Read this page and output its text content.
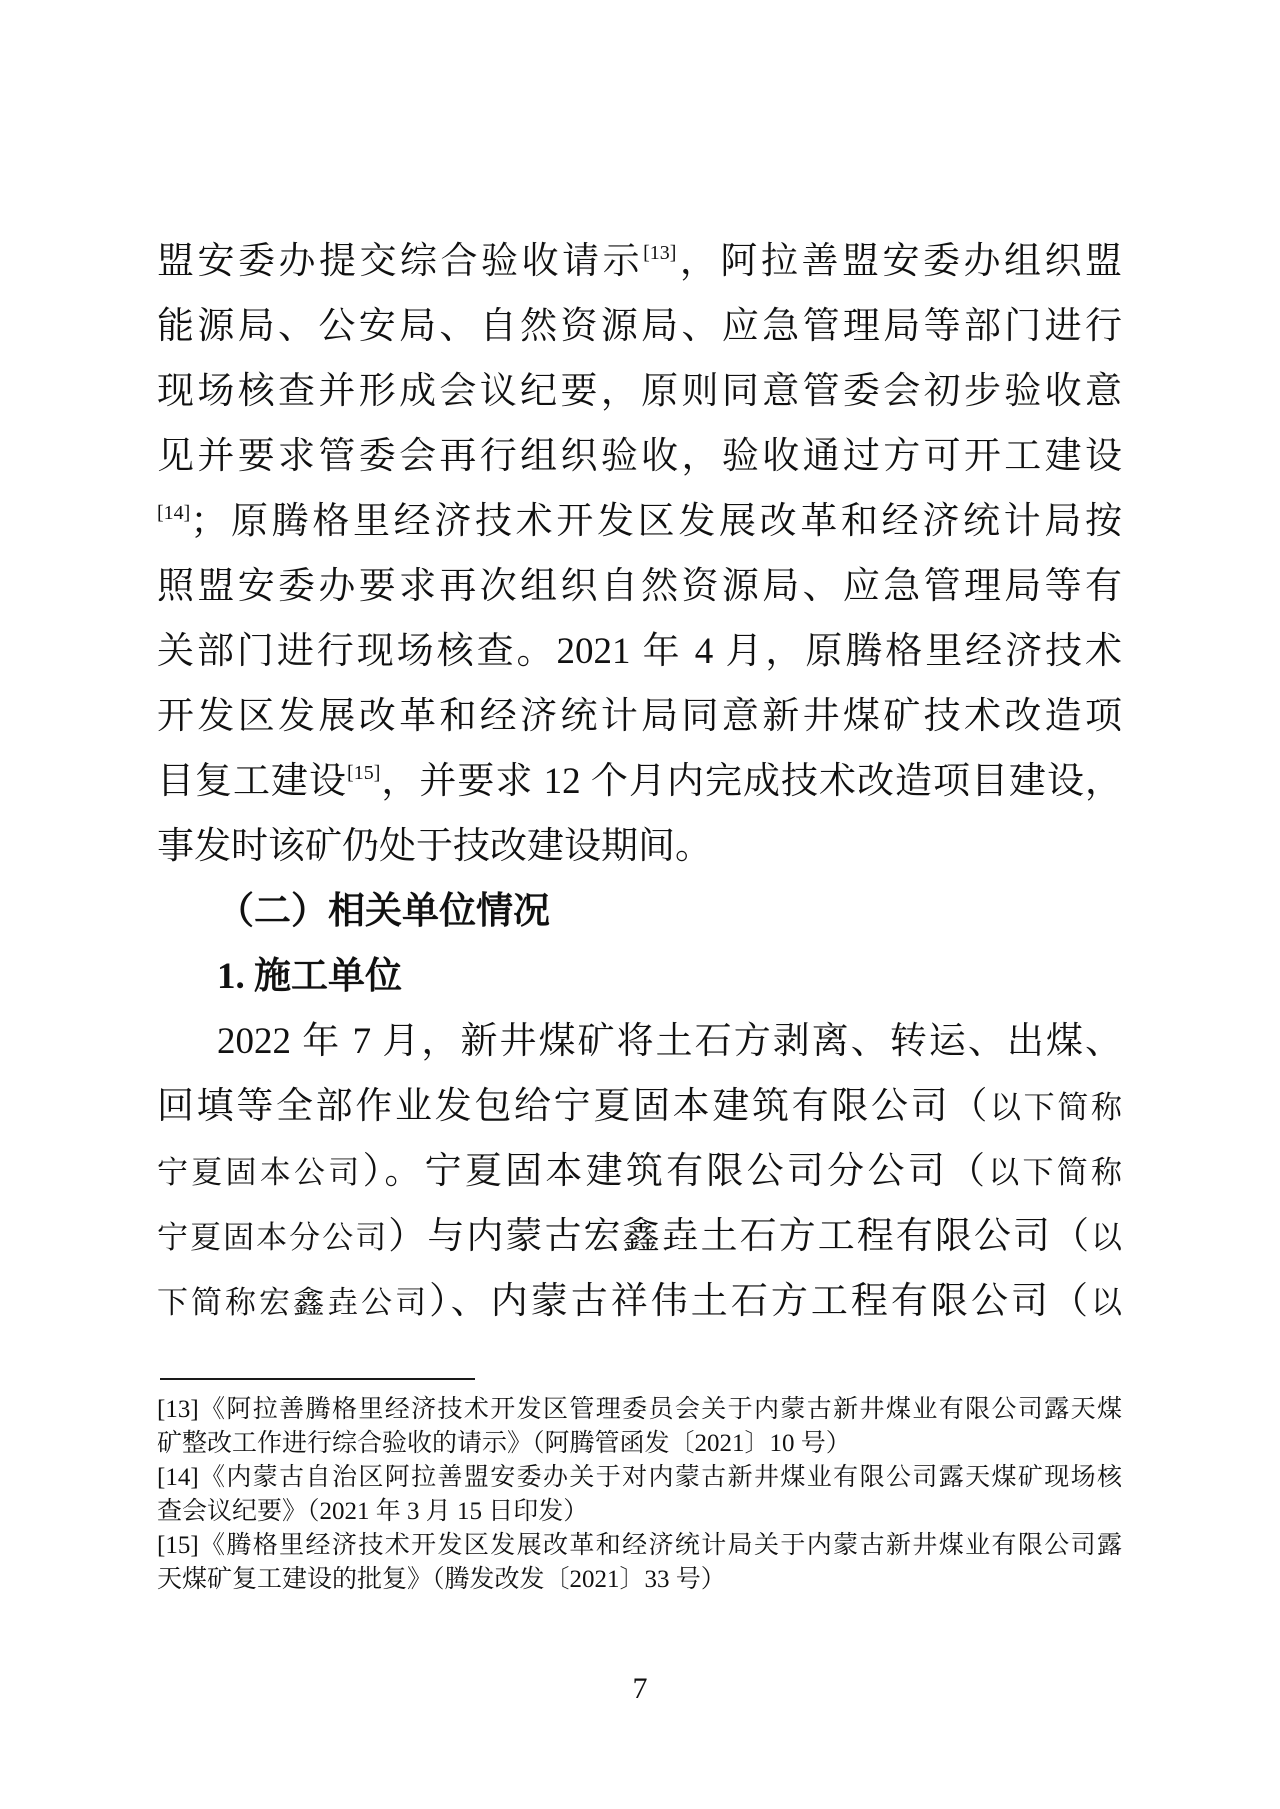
盟安委办提交综合验收请示[13]，阿拉善盟安委办组织盟
能源局、公安局、自然资源局、应急管理局等部门进行
现场核查并形成会议纪要，原则同意管委会初步验收意
见并要求管委会再行组织验收，验收通过方可开工建设
[14]；原腾格里经济技术开发区发展改革和经济统计局按
照盟安委办要求再次组织自然资源局、应急管理局等有
关部门进行现场核查。2021 年 4 月，原腾格里经济技术
开发区发展改革和经济统计局同意新井煤矿技术改造项
目复工建设[15]，并要求 12 个月内完成技术改造项目建设，
事发时该矿仍处于技改建设期间。
（二）相关单位情况
1. 施工单位
2022 年 7 月，新井煤矿将土石方剥离、转运、出煤、
回填等全部作业发包给宁夏固本建筑有限公司（以下简称
宁夏固本公司）。宁夏固本建筑有限公司分公司（以下简称
宁夏固本分公司）与内蒙古宏鑫垚土石方工程有限公司（以
下简称宏鑫垚公司）、内蒙古祥伟土石方工程有限公司（以
[13]《阿拉善腾格里经济技术开发区管理委员会关于内蒙古新井煤业有限公司露天煤
矿整改工作进行综合验收的请示》（阿腾管函发〔2021〕10 号）
[14]《内蒙古自治区阿拉善盟安委办关于对内蒙古新井煤业有限公司露天煤矿现场核
查会议纪要》（2021 年 3 月 15 日印发）
[15]《腾格里经济技术开发区发展改革和经济统计局关于内蒙古新井煤业有限公司露
天煤矿复工建设的批复》（腾发改发〔2021〕33 号）
7
